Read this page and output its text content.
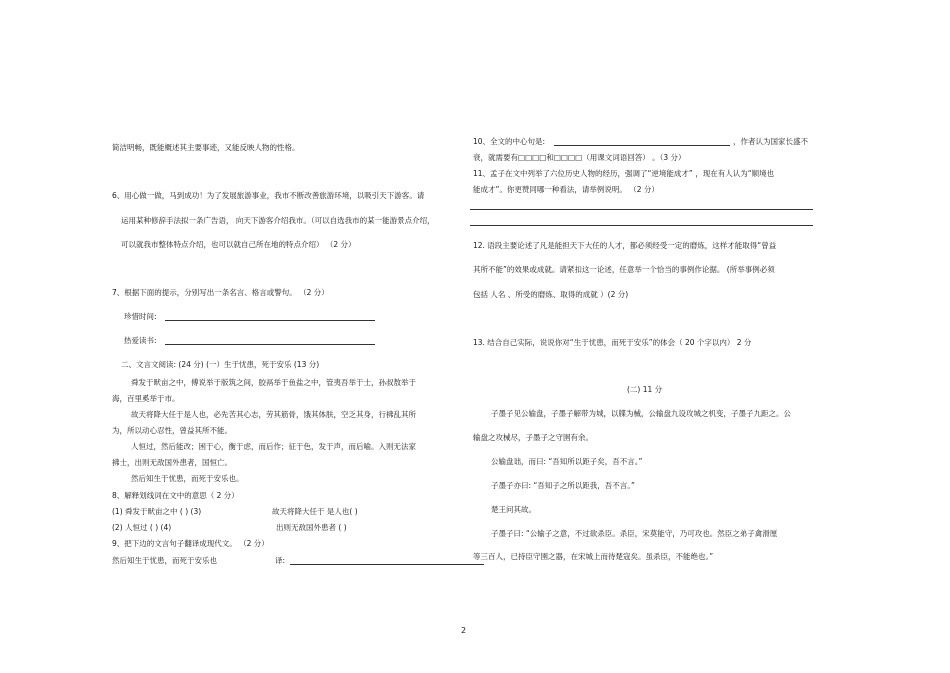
简洁明畅，既能概述其主要事迹，又能反映人物的性格。
6、用心做一做，马到成功！为了发展旅游事业，我市不断改善旅游环境，以吸引天下游客。请
运用某种修辞手法拟一条广告语， 向天下游客介绍我市。（可以自选我市的某一能游景点介绍，
可以就我市整体特点介绍，也可以就自己所在地的特点介绍） （2 分）
7、根据下面的提示，分别写出一条名言、格言或警句。 （2 分）
珍惜时间:
热爱读书:
二、文言文阅读: (24 分) (一）生于忧患，死于安乐 (13 分)
舜发于畎亩之中，傅说举于版筑之间，胶鬲举于鱼盐之中，管夷吾举于士，孙叔敖举于
海，百里奚举于市。
故天将降大任于是人也，必先苦其心志，劳其筋骨，饿其体肤，空乏其身，行拂乱其所
为，所以动心忍性，曾益其所不能。
人恒过，然后能改；困于心，衡于虑，而后作；征于色，发于声，而后喻。入则无法家
拂士，出则无敌国外患者，国恒亡。
然后知生于忧患，而死于安乐也。
8、解释划线词在文中的意思（ 2 分）
(1) 舜发于畎亩之中 ( ) (3)	故天将降大任于 是人也( )
(2) 人恒过 ( ) (4)	出则无敌国外患者 ( )
9、把下边的文言句子翻译成现代文。 （2 分）
然后知生于忧患，而死于安乐也	译:
10、全文的中心句是:	，作者认为国家长盛不
衰，就需要有□□□□和□□□□（用课文词语回答） 。（3 分）
11、孟子在文中列举了六位历史人物的经历，强调了“逆境能成才” ，现在有人认为“顺境也
能成才”。你更赞同哪一种看法，请举例说明。 （2 分）
12. 语段主要论述了凡是能担天下大任的人才，都必须经受一定的磨炼，这样才能取得“曾益
其所不能”的效果或成就。请紧扣这一论述，任意举一个恰当的事例作论据。 (所举事例必须
包括 人名 、所受的磨炼、取得的成就 ）(2 分)
13. 结合自己实际，说说你对“生于忧患，而死于安乐”的体会（ 20 个字以内） 2 分
(二) 11 分
子墨子见公输盘，子墨子解带为城，以牒为械，公输盘九设攻城之机变，子墨子九距之。公
输盘之攻械尽，子墨子之守圉有余。
公输盘诎，而曰: “吾知所以距子矣，吾不言。”
子墨子亦曰: “吾知子之所以距我，吾不言。”
楚王问其故。
子墨子曰: “公输子之意，不过欲杀臣。杀臣，宋莫能守，乃可攻也。然臣之弟子禽滑厘
等三百人，已持臣守圉之器，在宋城上而待楚寇矣。虽杀臣，不能绝也。”
2
